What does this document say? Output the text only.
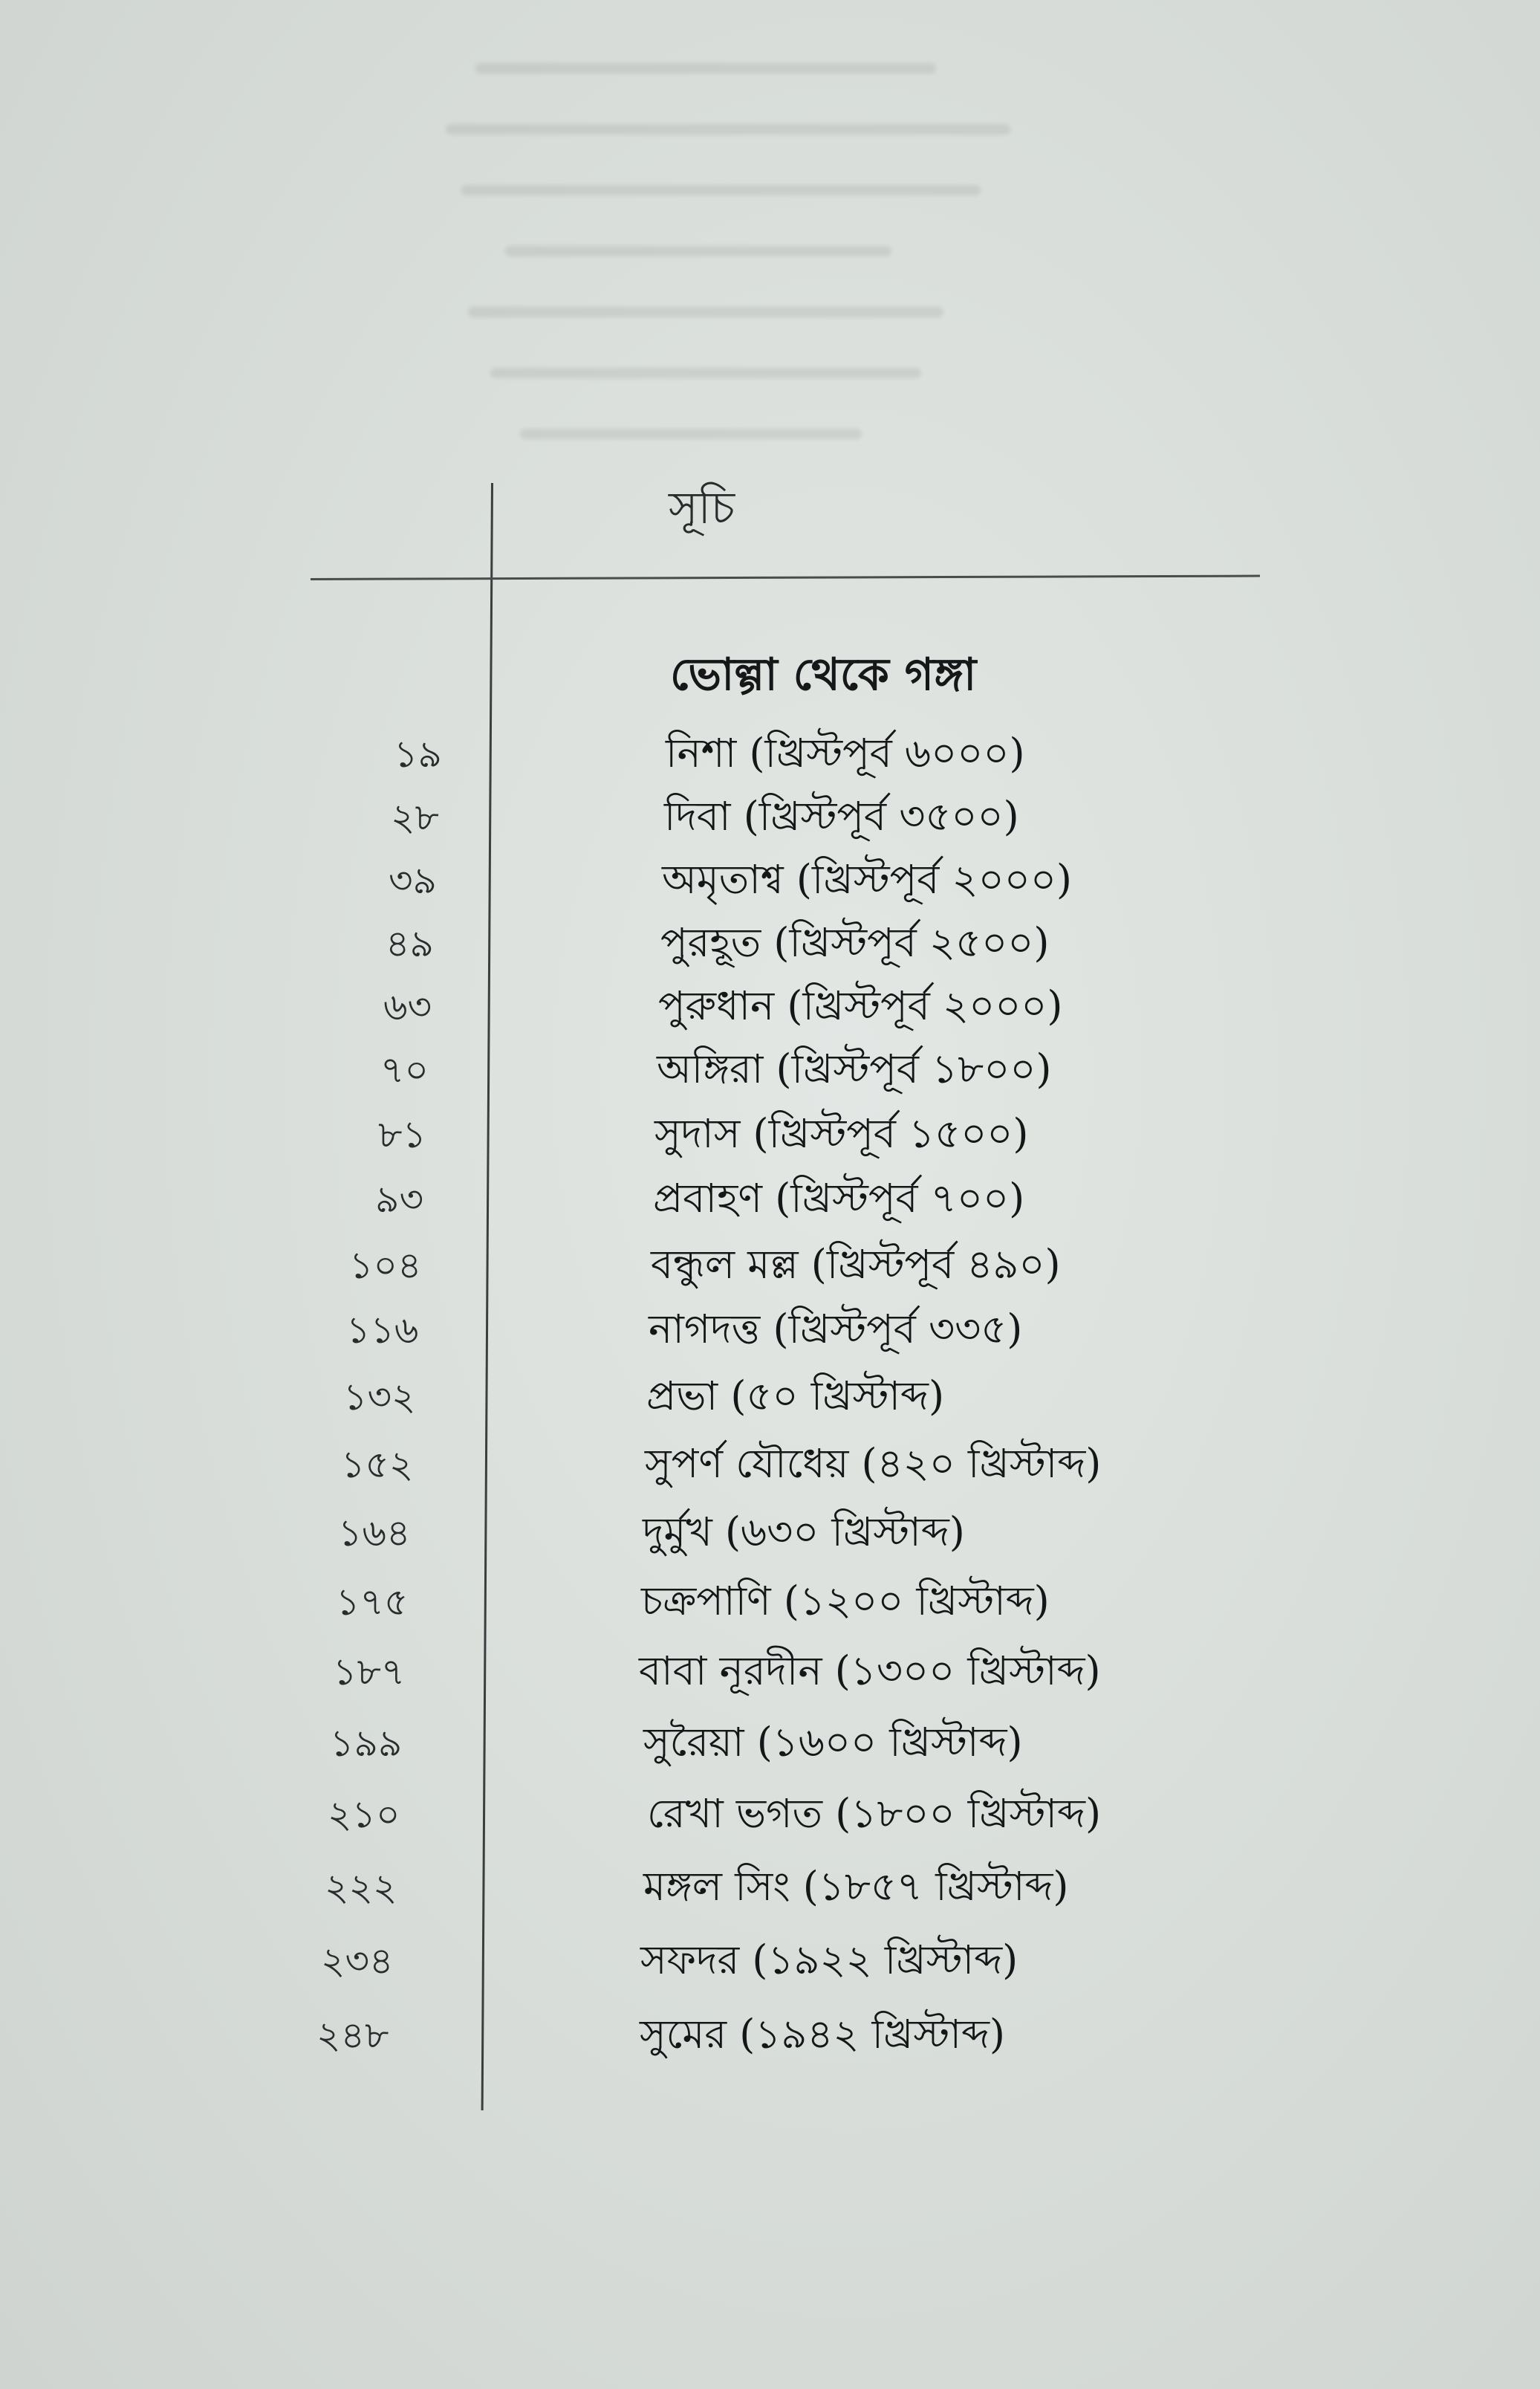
সূচি
ভোল্গা থেকে গঙ্গা
১৯	নিশা (খ্রিস্টপূর্ব ৬০০০)
২৮	দিবা (খ্রিস্টপূর্ব ৩৫০০)
৩৯	অমৃতাশ্ব (খ্রিস্টপূর্ব ২০০০)
৪৯	পুরহূত (খ্রিস্টপূর্ব ২৫০০)
৬৩	পুরুধান (খ্রিস্টপূর্ব ২০০০)
৭০	অঙ্গিরা (খ্রিস্টপূর্ব ১৮০০)
৮১	সুদাস (খ্রিস্টপূর্ব ১৫০০)
৯৩	প্রবাহণ (খ্রিস্টপূর্ব ৭০০)
১০৪	বন্ধুল মল্ল (খ্রিস্টপূর্ব ৪৯০)
১১৬	নাগদত্ত (খ্রিস্টপূর্ব ৩৩৫)
১৩২	প্রভা (৫০ খ্রিস্টাব্দ)
১৫২	সুপর্ণ যৌধেয় (৪২০ খ্রিস্টাব্দ)
১৬৪	দুর্মুখ (৬৩০ খ্রিস্টাব্দ)
১৭৫	চক্রপাণি (১২০০ খ্রিস্টাব্দ)
১৮৭	বাবা নূরদীন (১৩০০ খ্রিস্টাব্দ)
১৯৯	সুরৈয়া (১৬০০ খ্রিস্টাব্দ)
২১০	রেখা ভগত (১৮০০ খ্রিস্টাব্দ)
২২২	মঙ্গল সিং (১৮৫৭ খ্রিস্টাব্দ)
২৩৪	সফদর (১৯২২ খ্রিস্টাব্দ)
২৪৮	সুমের (১৯৪২ খ্রিস্টাব্দ)
